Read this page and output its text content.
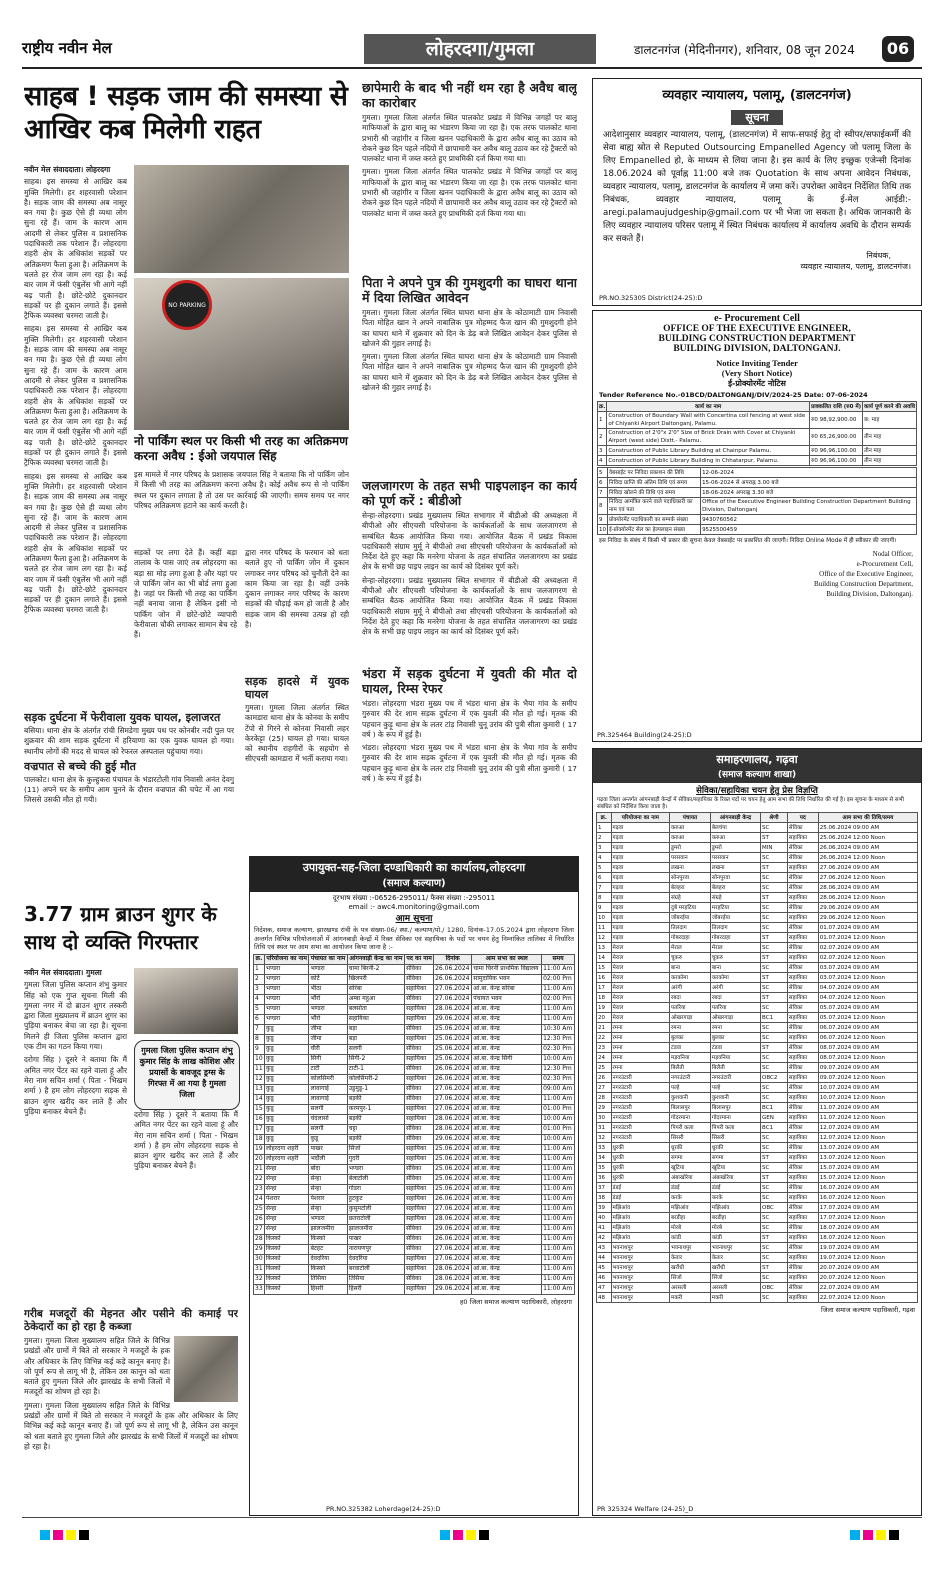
राष्ट्रीय नवीन मेल	लोहरदगा/गुमला	डालटनगंज (मेदिनीनगर), शनिवार, 08 जून 2024	06
साहब ! सड़क जाम की समस्या से आखिर कब मिलेगी राहत
नवीन मेल संवाददाता। लोहरदगा

साहब। इस समस्या से आखिर कब मुक्ति मिलेगी। हर शहरवासी परेशान है। सड़क जाम की समस्या अब नासूर बन गया है। कुछ ऐसे ही व्यथा लोग सुना रहे हैं। जाम के कारण आम आदमी से लेकर पुलिस व प्रशासनिक पदाधिकारी तक परेशान हैं। लोहरदगा शहरी क्षेत्र के अधिकांश सड़कों पर अतिक्रमण फैला हुआ है। अतिक्रमण के चलते हर रोज जाम लग रहा है। कई बार जाम में फंसी एंबुलेंस भी आगे नहीं बढ़ पाती है। छोटे-छोटे दुकानदार सड़कों पर ही दुकान लगाते हैं। इससे ट्रैफिक व्यवस्था चरमरा जाती है।

साहब। इस समस्या से आखिर कब मुक्ति मिलेगी। हर शहरवासी परेशान है। सड़क जाम की समस्या अब नासूर बन गया है। कुछ ऐसे ही व्यथा लोग सुना रहे हैं। जाम के कारण आम आदमी से लेकर पुलिस व प्रशासनिक पदाधिकारी तक परेशान हैं। लोहरदगा शहरी क्षेत्र के अधिकांश सड़कों पर अतिक्रमण फैला हुआ है। अतिक्रमण के चलते हर रोज जाम लग रहा है। कई बार जाम में फंसी एंबुलेंस भी आगे नहीं बढ़ पाती है। छोटे-छोटे दुकानदार सड़कों पर ही दुकान लगाते हैं। इससे ट्रैफिक व्यवस्था चरमरा जाती है।

साहब। इस समस्या से आखिर कब मुक्ति मिलेगी। हर शहरवासी परेशान है। सड़क जाम की समस्या अब नासूर बन गया है। कुछ ऐसे ही व्यथा लोग सुना रहे हैं। जाम के कारण आम आदमी से लेकर पुलिस व प्रशासनिक पदाधिकारी तक परेशान हैं। लोहरदगा शहरी क्षेत्र के अधिकांश सड़कों पर अतिक्रमण फैला हुआ है। अतिक्रमण के चलते हर रोज जाम लग रहा है। कई बार जाम में फंसी एंबुलेंस भी आगे नहीं बढ़ पाती है। छोटे-छोटे दुकानदार सड़कों पर ही दुकान लगाते हैं। इससे ट्रैफिक व्यवस्था चरमरा जाती है।

NO PARKING
नो पार्किंग स्थल पर किसी भी तरह का अतिक्रमण करना अवैध : ईओ जयपाल सिंह

इस मामले में नगर परिषद के प्रशासक जयपाल सिंह ने बताया कि नो पार्किंग जोन में किसी भी तरह का अतिक्रमण करना अवैध है। कोई अवैध रूप से नो पार्किंग स्थल पर दुकान लगाता है तो उस पर कार्रवाई की जाएगी। समय समय पर नगर परिषद अतिक्रमण हटाने का कार्य करती है।

सड़कों पर लगा देते हैं। कहीं बड़ा तालाब के पास जाएं तब लोहरदगा का बड़ा सा मोड़ लगा हुआ है और यहां पर जे पार्किंग जोन का भी बोर्ड लगा हुआ है। जहां पर किसी भी तरह का पार्किंग नहीं बनाया जाना है लेकिन इसी नो पार्किंग जोन में छोटे-छोटे व्यापारी फेरीवाला चौकी लगाकर सामान बेच रहे हैं।

द्वारा नगर परिषद के फरमान को धता बताते हुए नो पार्किंग जोन में दुकान लगाकर नगर परिषद को चुनौती देने का काम किया जा रहा है। वहीं उनके दुकान लगाकर नगर परिषद के कारण सड़कों की चौड़ाई कम हो जाती है और सड़क जाम की समस्या उत्पन्न हो रही है।

सड़क हादसे में युवक घायल

गुमला। गुमला जिला अंतर्गत स्थित कामडारा थाना क्षेत्र के कोनवा के समीप टेंपो से गिरने से कोनवा निवासी लहर केरकेट्टा (25) घायल हो गया। घायल को स्थानीय राहगीरों के सहयोग से सीएचसी कामडारा में भर्ती कराया गया।

सड़क दुर्घटना में फेरीवाला युवक घायल, इलाजरत

बसिया। थाना क्षेत्र के अंतर्गत रांची सिमडेगा मुख्य पथ पर कोनबीर नदी पुल पर शुक्रवार की शाम सड़क दुर्घटना में हरियाणा का एक युवक घायल हो गया। स्थानीय लोगों की मदद से घायल को रेफरल अस्पताल पहुंचाया गया।

वज्रपात से बच्चे की हुई मौत

पालकोट। थाना क्षेत्र के कुल्हुकरा पंचायत के भंडारटोली गांव निवासी अनंत देवगु (11) अपने घर के समीप आम चुनने के दौरान वज्रपात की चपेट में आ गया जिससे उसकी मौत हो गयी।

3.77 ग्राम ब्राउन शुगर के साथ दो व्यक्ति गिरफ्तार
नवीन मेल संवाददाता। गुमला

गुमला जिला पुलिस कप्तान शंभु कुमार सिंह को एक गुप्त सूचना मिली की गुमला नगर में दो ब्राउन शुगर तस्करी द्वारा जिला मुख्यालय में ब्राउन शुगर का पुड़िया बनाकर बेचा जा रहा है। सूचना मिलने ही जिला पुलिस कप्तान द्वारा एक टीम का गठन किया गया।

दरोगा सिंह ) दूसरे ने बताया कि मैं अमित नगर पेंटर का रहने वाला हूं और मेरा नाम सचिन शर्मा ( पिता - भिखम शर्मा ) है हम लोग लोहरदगा सड़क से ब्राउन शुगर खरीद कर लाते हैं और पुड़िया बनाकर बेचने हैं।

गुमला जिला पुलिस कप्तान शंभु कुमार सिंह के लाख कोशिश और प्रयासों के बावजूद ड्रग्स के गिरफ्त में आ गया है गुमला जिला

दरोगा सिंह ) दूसरे ने बताया कि मैं अमित नगर पेंटर का रहने वाला हूं और मेरा नाम सचिन शर्मा ( पिता - भिखम शर्मा ) है हम लोग लोहरदगा सड़क से ब्राउन शुगर खरीद कर लाते हैं और पुड़िया बनाकर बेचने हैं।

गरीब मजदूरों की मेहनत और पसीने की कमाई पर ठेकेदारों का हो रहा है कब्जा

गुमला। गुमला जिला मुख्यालय सहित जिले के विभिन्न प्रखंडों और ग्रामों में बिते तो सरकार ने मजदूरों के हक और अधिकार के लिए विभिन्न कई कड़े कानून बनाए हैं। जो पूर्ण रूप से लागू भी है, लेकिन उस कानून को धता बताते हुए गुमला जिले और झारखंड के सभी जिलों में मजदूरों का शोषण हो रहा है।

गुमला। गुमला जिला मुख्यालय सहित जिले के विभिन्न प्रखंडों और ग्रामों में बिते तो सरकार ने मजदूरों के हक और अधिकार के लिए विभिन्न कई कड़े कानून बनाए हैं। जो पूर्ण रूप से लागू भी है, लेकिन उस कानून को धता बताते हुए गुमला जिले और झारखंड के सभी जिलों में मजदूरों का शोषण हो रहा है।

छापेमारी के बाद भी नहीं थम रहा है अवैध बालू का कारोबार

गुमला। गुमला जिला अंतर्गत स्थित पालकोट प्रखंड में विभिन्न जगहों पर बालू माफियाओं के द्वारा बालू का भंडारण किया जा रहा है। एक तरफ पालकोट थाना प्रभारी श्री जहांगीर व जिला खनन पदाधिकारी के द्वारा अवैध बालू का उठाव को रोकने कुछ दिन पहले नदियों में छापामारी कर अवैध बालू उठाव कर रहे ट्रैक्टरों को पालकोट थाना में जब्त करते हुए प्राथमिकी दर्ज किया गया था।

गुमला। गुमला जिला अंतर्गत स्थित पालकोट प्रखंड में विभिन्न जगहों पर बालू माफियाओं के द्वारा बालू का भंडारण किया जा रहा है। एक तरफ पालकोट थाना प्रभारी श्री जहांगीर व जिला खनन पदाधिकारी के द्वारा अवैध बालू का उठाव को रोकने कुछ दिन पहले नदियों में छापामारी कर अवैध बालू उठाव कर रहे ट्रैक्टरों को पालकोट थाना में जब्त करते हुए प्राथमिकी दर्ज किया गया था।

पिता ने अपने पुत्र की गुमशुदगी का घाघरा थाना में दिया लिखित आवेदन

गुमला। गुमला जिला अंतर्गत स्थित घाघरा थाना क्षेत्र के कोठामाटी ग्राम निवासी पिता मोहित खान ने अपने नाबालिक पुत्र मोहम्मद फैज खान की गुमशुदगी होने का घाघरा थाने में शुक्रवार को दिन के डेढ़ बजे लिखित आवेदन देकर पुलिस से खोजने की गुहार लगाई है।

गुमला। गुमला जिला अंतर्गत स्थित घाघरा थाना क्षेत्र के कोठामाटी ग्राम निवासी पिता मोहित खान ने अपने नाबालिक पुत्र मोहम्मद फैज खान की गुमशुदगी होने का घाघरा थाने में शुक्रवार को दिन के डेढ़ बजे लिखित आवेदन देकर पुलिस से खोजने की गुहार लगाई है।

जलजागरण के तहत सभी पाइपलाइन का कार्य को पूर्ण करें : बीडीओ

सेन्हा-लोहरदगा। प्रखंड मुख्यालय स्थित सभागार में बीडीओ की अध्यक्षता में बीपीओ और सीएचसी परियोजना के कार्यकर्ताओं के साथ जलजागरण से सम्बंधित बैठक आयोजित किया गया। आयोजित बैठक में प्रखंड विकास पदाधिकारी संग्राम मुर्मू ने बीपीओ तथा सीएचसी परियोजना के कार्यकर्ताओं को निर्देश देते हुए कहा कि मनरेगा योजना के तहत संचालित जलजागरण का प्रखंड क्षेत्र के सभी छह पाइप लाइन का कार्य को दिसंबर पूर्ण करें।

सेन्हा-लोहरदगा। प्रखंड मुख्यालय स्थित सभागार में बीडीओ की अध्यक्षता में बीपीओ और सीएचसी परियोजना के कार्यकर्ताओं के साथ जलजागरण से सम्बंधित बैठक आयोजित किया गया। आयोजित बैठक में प्रखंड विकास पदाधिकारी संग्राम मुर्मू ने बीपीओ तथा सीएचसी परियोजना के कार्यकर्ताओं को निर्देश देते हुए कहा कि मनरेगा योजना के तहत संचालित जलजागरण का प्रखंड क्षेत्र के सभी छह पाइप लाइन का कार्य को दिसंबर पूर्ण करें।

भंडरा में सड़क दुर्घटना में युवती की मौत दो घायल, रिम्स रेफर

भंडरा। लोहरदगा भंडरा मुख्य पथ में भंडरा थाना क्षेत्र के भैया गांव के समीप गुरुवार की देर शाम सड़क दुर्घटना में एक युवती की मौत हो गई। मृतक की पहचान कुड़ू थाना क्षेत्र के लतर टांड़ निवासी चुनू उरांव की पुत्री सीता कुमारी ( 17 वर्ष ) के रूप में हुई है।

भंडरा। लोहरदगा भंडरा मुख्य पथ में भंडरा थाना क्षेत्र के भैया गांव के समीप गुरुवार की देर शाम सड़क दुर्घटना में एक युवती की मौत हो गई। मृतक की पहचान कुड़ू थाना क्षेत्र के लतर टांड़ निवासी चुनू उरांव की पुत्री सीता कुमारी ( 17 वर्ष ) के रूप में हुई है।

उपायुक्त-सह-जिला दण्डाधिकारी का कार्यालय,लोहरदगा
(समाज कल्याण)
दूरभाष संख्या :-06526-295011/ फैक्स संख्या :-295011
email :- awc4.monitoring@gmail.com
आम सूचना
निदेशक, समाज कल्याण, झारखण्ड रांची के पत्र संख्या-06/ स्था./ कल्याण/पो./ 1280, दिनांक-17.05.2024 द्वारा लोहरदगा जिला अन्तर्गत विभिन्न परियोजनाओं में आंगनबाड़ी केन्द्रों में रिक्त सेविका एवं सहायिका के पदों पर चयन हेतु निम्नांकित तालिका में निर्धारित तिथि एवं स्थल पर आम सभा का आयोजन किया जाना है :-
क्र.	परियोजना का नाम	पंचायत का नाम	आंगनवाड़ी केन्द्र का नाम	पद का नाम	दिनांक	आम सभा का स्थल	समय
1	भण्डरा	भण्डरा	चामा बिरनी-2	सेविका	26.06.2024	चामा चिरनी प्राथमिक विद्यालय	11:00 Am
2	भण्डरा	कोर्टे	खिलपरी	सेविका	26.06.2024	सामुदायिक भवन	02:00 Pm
3	भण्डरा	भीठा	सोरंबा	सहायिका	27.06.2024	आं.बा. केन्द्र सोरंबा	11:00 Am
4	भण्डरा	भौंरो	अम्बा महुआ	सेविका	27.06.2024	पंचायत भवन	02:00 Pm
5	भण्डरा	भण्डरा	बलसोता	सहायिका	28.06.2024	आं.बा. केन्द्र	11:00 Am
6	भण्डरा	भौंरो	सहायिका	सहायिका	29.06.2024	आं.बा. केन्द्र	11:00 Am
7	कुडू	जीमा	बड़ा	सेविका	25.06.2024	आं.बा. केन्द्र	10:30 Am
8	कुडू	जीमा	बड़ा	सहायिका	25.06.2024	आं.बा. केन्द्र	12:30 Pm
9	कुडू	चीरी	सलगी	सेविका	25.06.2024	आं.बा. केन्द्र	02:30 Pm
10	कुडू	सिंगी	सिंगी-2	सहायिका	25.06.2024	आं.बा. केन्द्र सिंगी	10:00 Am
11	कुडू	टाटी	टाटी-1	सेविका	26.06.2024	आं.बा. केन्द्र	12:30 Pm
12	कुडू	कोलसिमरी	कोलसिमरी-2	सहायिका	26.06.2024	आं.बा. केन्द्र	02:30 Pm
13	कुडू	लावागाई	उडुमुडू-1	सेविका	27.06.2024	आं.बा. केन्द्र	09:00 Am
14	कुडू	लावागाई	बड़की	सेविका	27.06.2024	आं.बा. केन्द्र	11:00 Am
15	कुडू	सलगी	करमपुर-1	सहायिका	27.06.2024	आं.बा. केन्द्र	01:00 Pm
16	कुडू	चंदलासो	बड़की	सहायिका	28.06.2024	आं.बा. केन्द्र	10:00 Am
17	कुडू	सलगी	चट्टा	सेविका	28.06.2024	आं.बा. केन्द्र	01:00 Pm
18	कुडू	कुडू	बड़की	सेविका	29.06.2024	आं.बा. केन्द्र	10:00 Am
19	लोहरदगा शहरी	पाखर	सिंजो	सहायिका	25.06.2024	आं.बा. केन्द्र	11:00 Am
20	लोहरदगा शहरी	भदौली	गुदरी	सहायिका	25.06.2024	आं.बा. केन्द्र	11:00 Am
21	सेन्हा	बोदा	भण्डरा	सेविका	25.06.2024	आं.बा. केन्द्र	11:00 Am
22	सेन्हा	सेन्हा	बेलाटोली	सेविका	25.06.2024	आं.बा. केन्द्र	11:00 Am
23	सेन्हा	सेन्हा	गोडरा	सहायिका	25.06.2024	आं.बा. केन्द्र	11:00 Am
24	पेशरार	पेशरार	हुटकुट	सहायिका	26.06.2024	आं.बा. केन्द्र	11:00 Am
25	सेन्हा	सेन्हा	कुसुमटोली	सहायिका	27.06.2024	आं.बा. केन्द्र	11:00 Am
26	सेन्हा	भण्डरा	छतराटोली	सहायिका	28.06.2024	आं.बा. केन्द्र	11:00 Am
27	सेन्हा	झालजमीरा	झालजमीरा	सेविका	29.06.2024	आं.बा. केन्द्र	11:00 Am
28	किस्को	किस्को	पाखर	सेविका	26.06.2024	आं.बा. केन्द्र	11:00 Am
29	किस्को	बेटहट	नारायणपुर	सेविका	27.06.2024	आं.बा. केन्द्र	11:00 Am
30	किस्को	देवदरिया	देवदरिया	सहायिका	27.06.2024	आं.बा. केन्द्र	11:00 Am
31	किस्को	किस्को	बरवाटोली	सहायिका	28.06.2024	आं.बा. केन्द्र	11:00 Am
32	किस्को	तिसिया	तिसिया	सेविका	28.06.2024	आं.बा. केन्द्र	11:00 Am
33	किस्को	हिसरी	हिसरी	सहायिका	29.06.2024	आं.बा. केन्द्र	11:00 Am
ह0 जिला समाज कल्याण पदाधिकारी, लोहरदगा
PR.NO.325382 Loherdage(24-25):D
व्यवहार न्यायालय, पलामू, (डालटनगंज)
सूचना
आदेशानुसार व्यवहार न्यायालय, पलामू, (डालटनगंज) में साफ-सफाई हेतु दो स्वीपर/सफाईकर्मी की सेवा बाह्य स्रोत से Reputed Outsourcing Empanelled Agency जो पलामू जिला के लिए Empanelled हो, के माध्यम से लिया जाना है। इस कार्य के लिए इच्छुक एजेन्सी दिनांक 18.06.2024 को पूर्वाह्न 11:00 बजे तक Quotation के साथ अपना आवेदन निबंधक, व्यवहार न्यायालय, पलामू, डालटनगंज के कार्यालय में जमा करें। उपरोक्त आवेदन निर्देशित तिथि तक निबंधक, व्यवहार न्यायालय, पलामू के ई-मेल आईडी:- aregi.palamaujudgeship@gmail.com पर भी भेजा जा सकता है। अधिक जानकारी के लिए व्यवहार न्यायालय परिसर पलामू में स्थित निबंधक कार्यालय में कार्यालय अवधि के दौरान सम्पर्क कर सकते हैं।
निबंधक,
व्यवहार न्यायालय, पलामू, डालटनगंज।
PR.NO.325305 District(24-25):D
e- Procurement Cell
OFFICE OF THE EXECUTIVE ENGINEER,
BUILDING CONSTRUCTION DEPARTMENT
BUILDING DIVISION, DALTONGANJ.
Notice Inviting Tender
(Very Short Notice)
ई-प्रोक्योरमेंट नोटिस
Tender Reference No.-01BCD/DALTONGANJ/DIV/2024-25 Date: 07-06-2024
क्र.	कार्य का नाम	प्राक्कलित राशि (रु0 में)	कार्य पूर्ण करने की अवधि
1	Construction of Boundary Wall with Concertina coil fencing at west side of Chiyanki Airport Daltonganj, Palamu.	रु0 98,92,900.00	छ: माह
2	Construction of 2'0"x 2'0" Size of Brick Drain with Cover at Chiyanki Airport (west side) Distt.- Palamu.	रु0 65,26,900.00	तीन माह
3	Construction of Public Library Building at Chainpur Palamu.	रु0 96,96,100.00	तीन माह
4	Construction of Public Library Building in Chhatarpur, Palamu.	रु0 96,96,100.00	तीन माह
5	वेबसाईट पर निविदा प्रकाशन की तिथि	12-06-2024
6	निविदा प्राप्ति की अंतिम तिथि एवं समय	15-06-2024 से अपराह्न 3.00 बजे
7	निविदा खोलने की तिथि एवं समय	18-06-2024 अपराह्न 3.30 बजे
8	निविदा आमंत्रित करने वाले पदाधिकारी का नाम एवं पता	Office of the Executive Engineer Building Construction Department Building Division, Daltonganj
9	प्रोक्योरमेंट पदाधिकारी का सम्पर्क संख्या	9430760562
10	ई-प्रोक्योरमेंट सेल का हेल्पलाइन संख्या	9525500459
इस निविदा के संबंध में किसी भी प्रकार की सूचना केवल वेबसाईट पर प्रकाशित की जाएगी। निविदा Online Mode में ही स्वीकार की जाएगी।
Nodal Officer,
e-Procurement Cell,
Office of the Executive Engineer,
Building Construction Department,
Building Division, Daltonganj.
PR.325464 Building(24-25):D
समाहरणालय, गढ़वा
(समाज कल्याण शाखा)
सेविका/सहायिका चयन हेतु प्रेस विज्ञप्ति
गढ़वा जिला अन्तर्गत आंगनबाड़ी केन्द्रों में सेविका/सहायिका के रिक्त पदों पर चयन हेतु आम सभा की तिथि निर्धारित की गई है। इस सूचना के माध्यम से सभी संबंधित को निर्देशित किया जाता है।
क्र.	परियोजना का नाम	पंचायत	आंगनबाड़ी केन्द्र	श्रेणी	पद	आम सभा की तिथि/समय
1	गढ़वा	करुआ	बेलचंपा	SC	सेविका	25.06.2024 09:00 AM
2	गढ़वा	करुआ	करुआ	ST	सहायिका	25.06.2024 12:00 Noon
3	गढ़वा	डुमरो	डुमरो	MIN	सेविका	26.06.2024 09:00 AM
4	गढ़वा	परसवान	परसवान	SC	सेविका	26.06.2024 12:00 Noon
5	गढ़वा	लखना	लखना	ST	सहायिका	27.06.2024 09:00 AM
6	गढ़वा	सोनपुरवा	सोनपुरवा	SC	सेविका	27.06.2024 12:00 Noon
7	गढ़वा	बेलहरा	बेलहरा	SC	सेविका	28.06.2024 09:00 AM
8	गढ़वा	संग्रहे	संग्रहे	ST	सहायिका	28.06.2024 12:00 Noon
9	गढ़वा	दुबे मरहटिया	मरहटिया	SC	सेविका	29.06.2024 09:00 AM
10	गढ़वा	जोबरईया	जोबरईया	SC	सहायिका	29.06.2024 12:00 Noon
11	गढ़वा	तिलदाग	तिलदाग	SC	सेविका	01.07.2024 09:00 AM
12	गढ़वा	गोबरदाहा	गोबरदाहा	ST	सहायिका	01.07.2024 12:00 Noon
13	मेराल	मेराल	मेराल	SC	सेविका	02.07.2024 09:00 AM
14	मेराल	चुकरु	चुकरु	ST	सहायिका	02.07.2024 12:00 Noon
15	मेराल	बाना	बाना	SC	सेविका	03.07.2024 09:00 AM
16	मेराल	करकोमा	करकोमा	ST	सहायिका	03.07.2024 12:00 Noon
17	मेराल	अरंगी	अरंगी	SC	सेविका	04.07.2024 09:00 AM
18	मेराल	रबदा	रबदा	ST	सहायिका	04.07.2024 12:00 Noon
19	मेराल	पतरिया	पतरिया	SC	सेविका	05.07.2024 09:00 AM
20	मेराल	ओखरगाड़ा	ओखरगाड़ा	BC1	सहायिका	05.07.2024 12:00 Noon
21	रमना	रमना	रमना	SC	सेविका	06.07.2024 09:00 AM
22	रमना	बुलका	बुलका	SC	सहायिका	06.07.2024 12:00 Noon
23	रमना	टंडवा	टंडवा	ST	सेविका	08.07.2024 09:00 AM
24	रमना	मड़वनिया	मड़वनिया	SC	सहायिका	08.07.2024 12:00 Noon
25	रमना	बिलैती	बिलैती	SC	सेविका	09.07.2024 09:00 AM
26	नगरउंटारी	नगरउंटारी	नगरउंटारी	OBC2	सहायिका	09.07.2024 12:00 Noon
27	नगरउंटारी	पल्हे	पल्हे	SC	सेविका	10.07.2024 09:00 AM
28	नगरउंटारी	कुशवानी	कुशवानी	SC	सहायिका	10.07.2024 12:00 Noon
29	नगरउंटारी	बिलासपुर	बिलासपुर	BC1	सेविका	11.07.2024 09:00 AM
30	नगरउंटारी	गोदरमाना	गोदरमाना	GEN	सहायिका	11.07.2024 12:00 Noon
31	नगरउंटारी	पिपरी कला	पिपरी कला	BC1	सेविका	12.07.2024 09:00 AM
32	नगरउंटारी	सिसरी	सिसरी	SC	सहायिका	12.07.2024 12:00 Noon
33	धुरकी	धुरकी	धुरकी	SC	सेविका	13.07.2024 09:00 AM
34	धुरकी	सगमा	सगमा	ST	सहायिका	13.07.2024 12:00 Noon
35	धुरकी	खुटिया	खुटिया	SC	सेविका	15.07.2024 09:00 AM
36	धुरकी	अंबाखोरेया	अंबाखोरेया	ST	सहायिका	15.07.2024 12:00 Noon
37	डंडई	डंडई	डंडई	SC	सेविका	16.07.2024 09:00 AM
38	डंडई	करके	करके	SC	सहायिका	16.07.2024 12:00 Noon
39	मझिआंव	मझिआंव	मझिआंव	OBC	सेविका	17.07.2024 09:00 AM
40	मझिआंव	बरडीहा	बरडीहा	SC	सहायिका	17.07.2024 12:00 Noon
41	मझिआंव	मोरबे	मोरबे	SC	सेविका	18.07.2024 09:00 AM
42	मझिआंव	कांडी	कांडी	ST	सहायिका	18.07.2024 12:00 Noon
43	भवनाथपुर	भवनाथपुर	भवनाथपुर	SC	सेविका	19.07.2024 09:00 AM
44	भवनाथपुर	केतार	केतार	SC	सहायिका	19.07.2024 12:00 Noon
45	भवनाथपुर	खरौंधी	खरौंधी	ST	सेविका	20.07.2024 09:00 AM
46	भवनाथपुर	सिंजो	सिंजो	SC	सहायिका	20.07.2024 12:00 Noon
47	भवनाथपुर	अरसली	अरसली	OBC	सेविका	22.07.2024 09:00 AM
48	भवनाथपुर	मकरी	मकरी	SC	सहायिका	22.07.2024 12:00 Noon
जिला समाज कल्याण पदाधिकारी, गढ़वा
PR 325324 Welfare (24-25)_D
